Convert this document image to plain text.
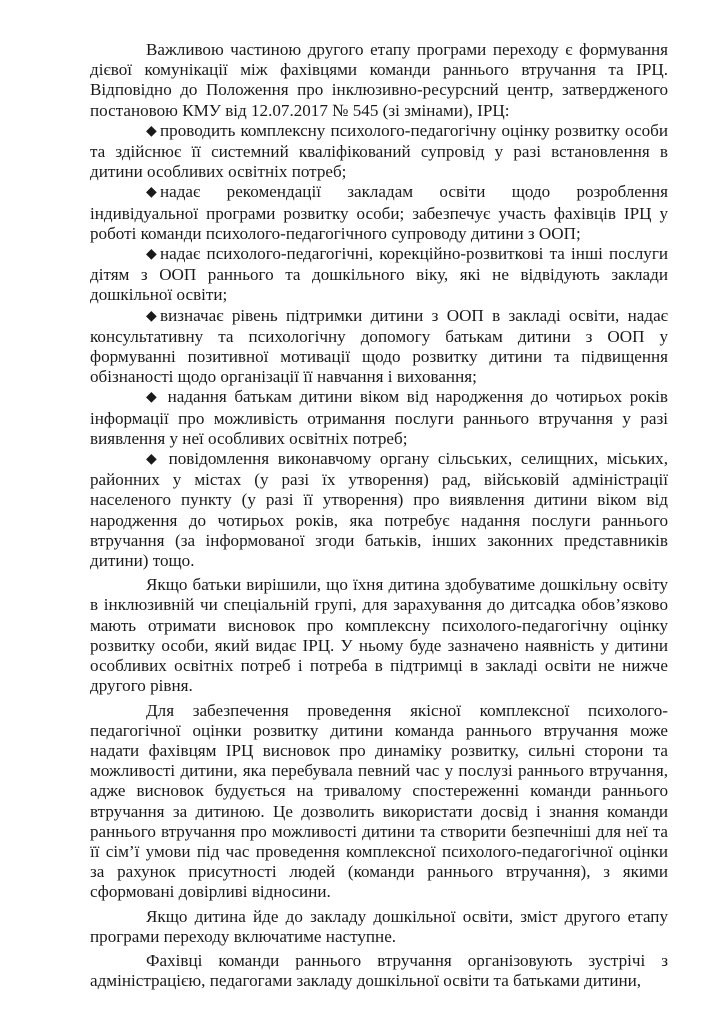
Важливою частиною другого етапу програми переходу є формування дієвої комунікації між фахівцями команди раннього втручання та ІРЦ. Відповідно до Положення про інклюзивно-ресурсний центр, затвердженого постановою КМУ від 12.07.2017 № 545 (зі змінами), ІРЦ:

◆ проводить комплексну психолого-педагогічну оцінку розвитку особи та здійснює її системний кваліфікований супровід у разі встановлення в дитини особливих освітніх потреб;

◆ надає рекомендації закладам освіти щодо розроблення індивідуальної програми розвитку особи; забезпечує участь фахівців ІРЦ у роботі команди психолого-педагогічного супроводу дитини з ООП;

◆ надає психолого-педагогічні, корекційно-розвиткові та інші послуги дітям з ООП раннього та дошкільного віку, які не відвідують заклади дошкільної освіти;

◆ визначає рівень підтримки дитини з ООП в закладі освіти, надає консультативну та психологічну допомогу батькам дитини з ООП у формуванні позитивної мотивації щодо розвитку дитини та підвищення обізнаності щодо організації її навчання і виховання;

◆ надання батькам дитини віком від народження до чотирьох років інформації про можливість отримання послуги раннього втручання у разі виявлення у неї особливих освітніх потреб;

◆ повідомлення виконавчому органу сільських, селищних, міських, районних у містах (у разі їх утворення) рад, військовій адміністрації населеного пункту (у разі її утворення) про виявлення дитини віком від народження до чотирьох років, яка потребує надання послуги раннього втручання (за інформованої згоди батьків, інших законних представників дитини) тощо.

Якщо батьки вирішили, що їхня дитина здобуватиме дошкільну освіту в інклюзивній чи спеціальній групі, для зарахування до дитсадка обов’язково мають отримати висновок про комплексну психолого-педагогічну оцінку розвитку особи, який видає ІРЦ. У ньому буде зазначено наявність у дитини особливих освітніх потреб і потреба в підтримці в закладі освіти не нижче другого рівня.

Для забезпечення проведення якісної комплексної психолого-педагогічної оцінки розвитку дитини команда раннього втручання може надати фахівцям ІРЦ висновок про динаміку розвитку, сильні сторони та можливості дитини, яка перебувала певний час у послузі раннього втручання, адже висновок будується на тривалому спостереженні команди раннього втручання за дитиною. Це дозволить використати досвід і знання команди раннього втручання про можливості дитини та створити безпечніші для неї та її сім’ї умови під час проведення комплексної психолого-педагогічної оцінки за рахунок присутності людей (команди раннього втручання), з якими сформовані довірливі відносини.

Якщо дитина йде до закладу дошкільної освіти, зміст другого етапу програми переходу включатиме наступне.

Фахівці команди раннього втручання організовують зустрічі з адміністрацією, педагогами закладу дошкільної освіти та батьками дитини,
